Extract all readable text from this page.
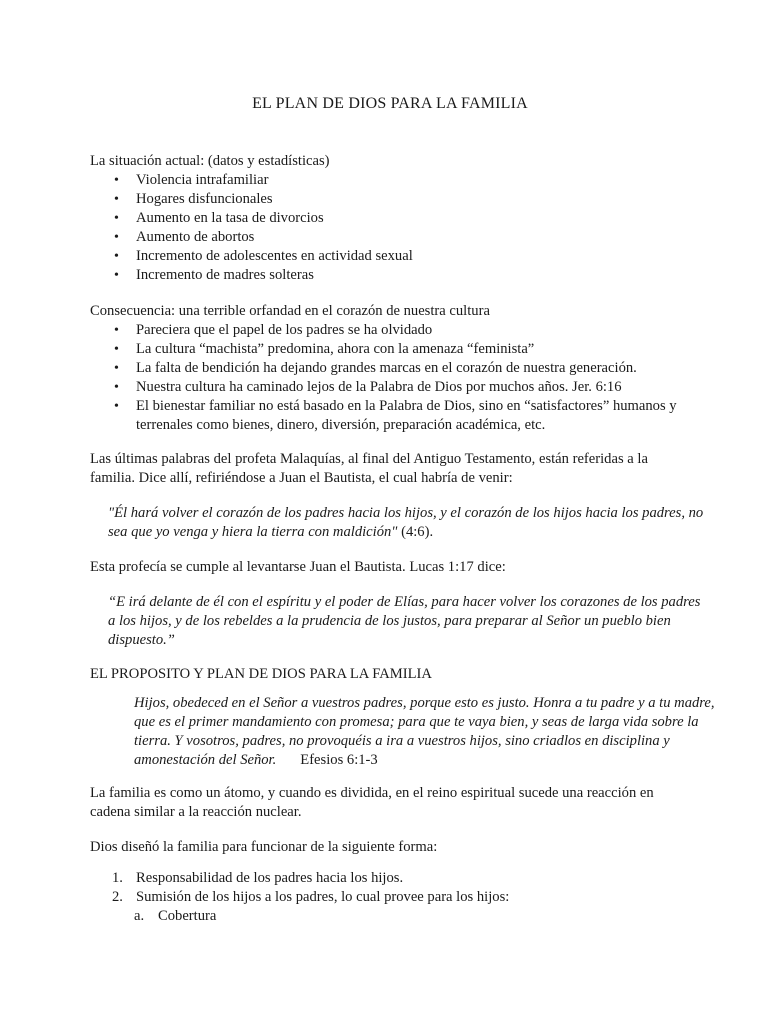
EL PLAN DE DIOS PARA LA FAMILIA
La situación actual: (datos y estadísticas)
• Violencia intrafamiliar
• Hogares disfuncionales
• Aumento en la tasa de divorcios
• Aumento de abortos
• Incremento de adolescentes en actividad sexual
• Incremento de madres solteras
Consecuencia: una terrible orfandad en el corazón de nuestra cultura
• Pareciera que el papel de los padres se ha olvidado
• La cultura “machista” predomina, ahora con la amenaza “feminista”
• La falta de bendición ha dejando grandes marcas en el corazón de nuestra generación.
• Nuestra cultura ha caminado lejos de la Palabra de Dios por muchos años. Jer. 6:16
• El bienestar familiar no está basado en la Palabra de Dios, sino en “satisfactores” humanos y terrenales como bienes, dinero, diversión, preparación académica, etc.
Las últimas palabras del profeta Malaquías, al final del Antiguo Testamento, están referidas a la familia. Dice allí, refiriéndose a Juan el Bautista, el cual habría de venir:
"Él hará volver el corazón de los padres hacia los hijos, y el corazón de los hijos hacia los padres, no sea que yo venga y hiera la tierra con maldición" (4:6).
Esta profecía se cumple al levantarse Juan el Bautista. Lucas 1:17 dice:
“E irá delante de él con el espíritu y el poder de Elías, para hacer volver los corazones de los padres a los hijos, y de los rebeldes a la prudencia de los justos, para preparar al Señor un pueblo bien dispuesto.”
EL PROPOSITO Y PLAN DE DIOS PARA LA FAMILIA
Hijos, obedeced en el Señor a vuestros padres, porque esto es justo. Honra a tu padre y a tu madre, que es el primer mandamiento con promesa; para que te vaya bien, y seas de larga vida sobre la tierra. Y vosotros, padres, no provoquéis a ira a vuestros hijos, sino criadlos en disciplina y amonestación del Señor. Efesios 6:1-3
La familia es como un átomo, y cuando es dividida, en el reino espiritual sucede una reacción en cadena similar a la reacción nuclear.
Dios diseñó la familia para funcionar de la siguiente forma:
1. Responsabilidad de los padres hacia los hijos.
2. Sumisión de los hijos a los padres, lo cual provee para los hijos:
a. Cobertura
